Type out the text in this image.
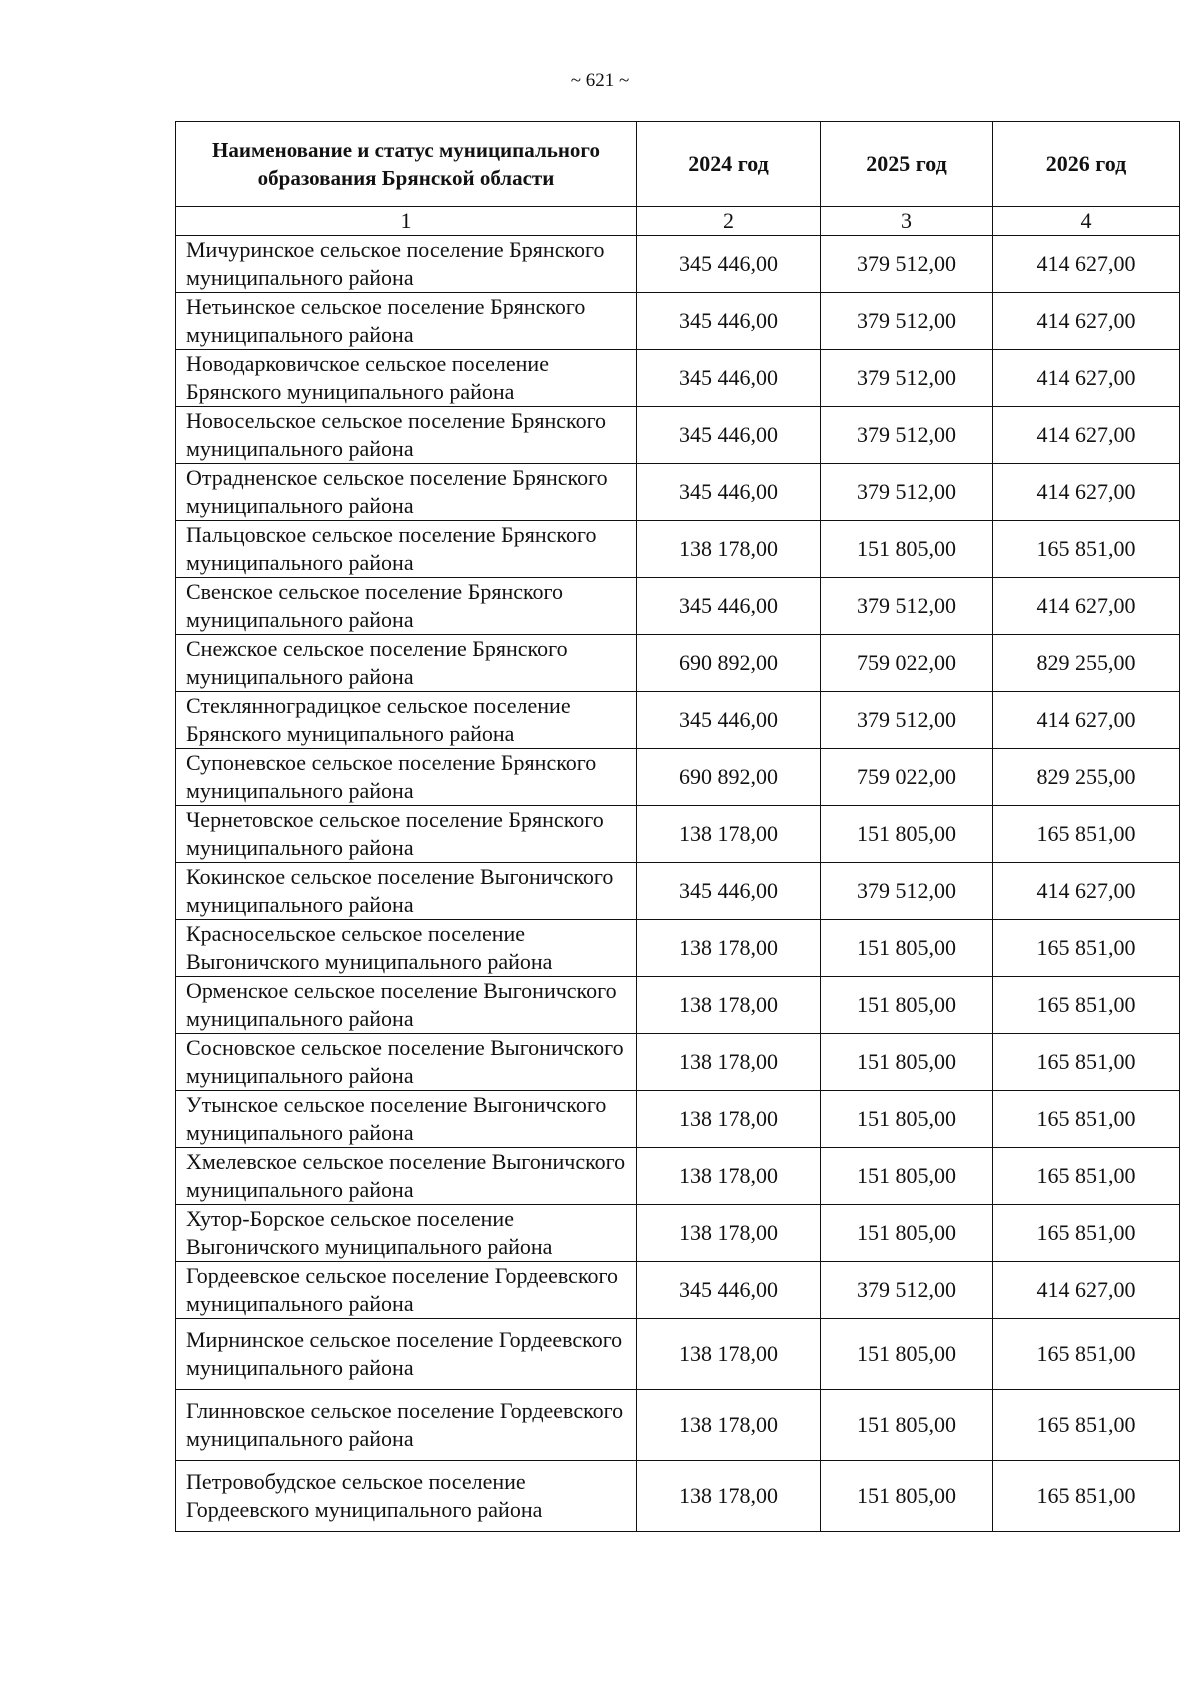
~ 621 ~
Наименование и статус муниципального образования Брянской области	2024 год	2025 год	2026 год
1	2	3	4
Мичуринское сельское поселение Брянского муниципального района	345 446,00	379 512,00	414 627,00
Нетьинское сельское поселение Брянского муниципального района	345 446,00	379 512,00	414 627,00
Новодарковичское сельское поселение Брянского муниципального района	345 446,00	379 512,00	414 627,00
Новосельское сельское поселение Брянского муниципального района	345 446,00	379 512,00	414 627,00
Отрадненское сельское поселение Брянского муниципального района	345 446,00	379 512,00	414 627,00
Пальцовское сельское поселение Брянского муниципального района	138 178,00	151 805,00	165 851,00
Свенское сельское поселение Брянского муниципального района	345 446,00	379 512,00	414 627,00
Снежское сельское поселение Брянского муниципального района	690 892,00	759 022,00	829 255,00
Стеклянноградицкое сельское поселение Брянского муниципального района	345 446,00	379 512,00	414 627,00
Супоневское сельское поселение Брянского муниципального района	690 892,00	759 022,00	829 255,00
Чернетовское сельское поселение Брянского муниципального района	138 178,00	151 805,00	165 851,00
Кокинское сельское поселение Выгоничского муниципального района	345 446,00	379 512,00	414 627,00
Красносельское сельское поселение Выгоничского муниципального района	138 178,00	151 805,00	165 851,00
Орменское сельское поселение Выгоничского муниципального района	138 178,00	151 805,00	165 851,00
Сосновское сельское поселение Выгоничского муниципального района	138 178,00	151 805,00	165 851,00
Утынское сельское поселение Выгоничского муниципального района	138 178,00	151 805,00	165 851,00
Хмелевское сельское поселение Выгоничского муниципального района	138 178,00	151 805,00	165 851,00
Хутор-Борское сельское поселение Выгоничского муниципального района	138 178,00	151 805,00	165 851,00
Гордеевское сельское поселение Гордеевского муниципального района	345 446,00	379 512,00	414 627,00
Мирнинское сельское поселение Гордеевского муниципального района	138 178,00	151 805,00	165 851,00
Глинновское сельское поселение Гордеевского муниципального района	138 178,00	151 805,00	165 851,00
Петровобудское сельское поселение Гордеевского муниципального района	138 178,00	151 805,00	165 851,00
